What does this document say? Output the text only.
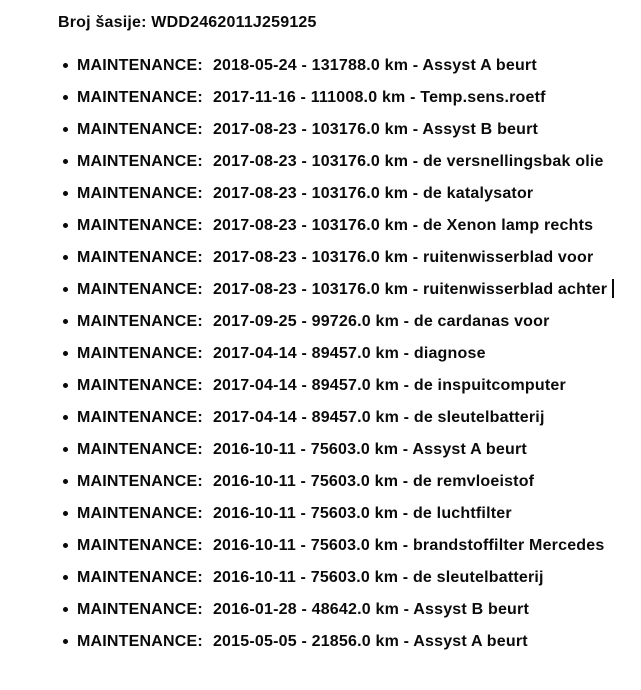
Broj šasije: WDD2462011J259125
MAINTENANCE: 2018-05-24 - 131788.0 km - Assyst A beurt
MAINTENANCE: 2017-11-16 - 111008.0 km - Temp.sens.roetf
MAINTENANCE: 2017-08-23 - 103176.0 km - Assyst B beurt
MAINTENANCE: 2017-08-23 - 103176.0 km - de versnellingsbak olie
MAINTENANCE: 2017-08-23 - 103176.0 km - de katalysator
MAINTENANCE: 2017-08-23 - 103176.0 km - de Xenon lamp rechts
MAINTENANCE: 2017-08-23 - 103176.0 km - ruitenwisserblad voor
MAINTENANCE: 2017-08-23 - 103176.0 km - ruitenwisserblad achter
MAINTENANCE: 2017-09-25 - 99726.0 km - de cardanas voor
MAINTENANCE: 2017-04-14 - 89457.0 km - diagnose
MAINTENANCE: 2017-04-14 - 89457.0 km - de inspuitcomputer
MAINTENANCE: 2017-04-14 - 89457.0 km - de sleutelbatterij
MAINTENANCE: 2016-10-11 - 75603.0 km - Assyst A beurt
MAINTENANCE: 2016-10-11 - 75603.0 km - de remvloeistof
MAINTENANCE: 2016-10-11 - 75603.0 km - de luchtfilter
MAINTENANCE: 2016-10-11 - 75603.0 km - brandstoffilter Mercedes
MAINTENANCE: 2016-10-11 - 75603.0 km - de sleutelbatterij
MAINTENANCE: 2016-01-28 - 48642.0 km - Assyst B beurt
MAINTENANCE: 2015-05-05 - 21856.0 km - Assyst A beurt
